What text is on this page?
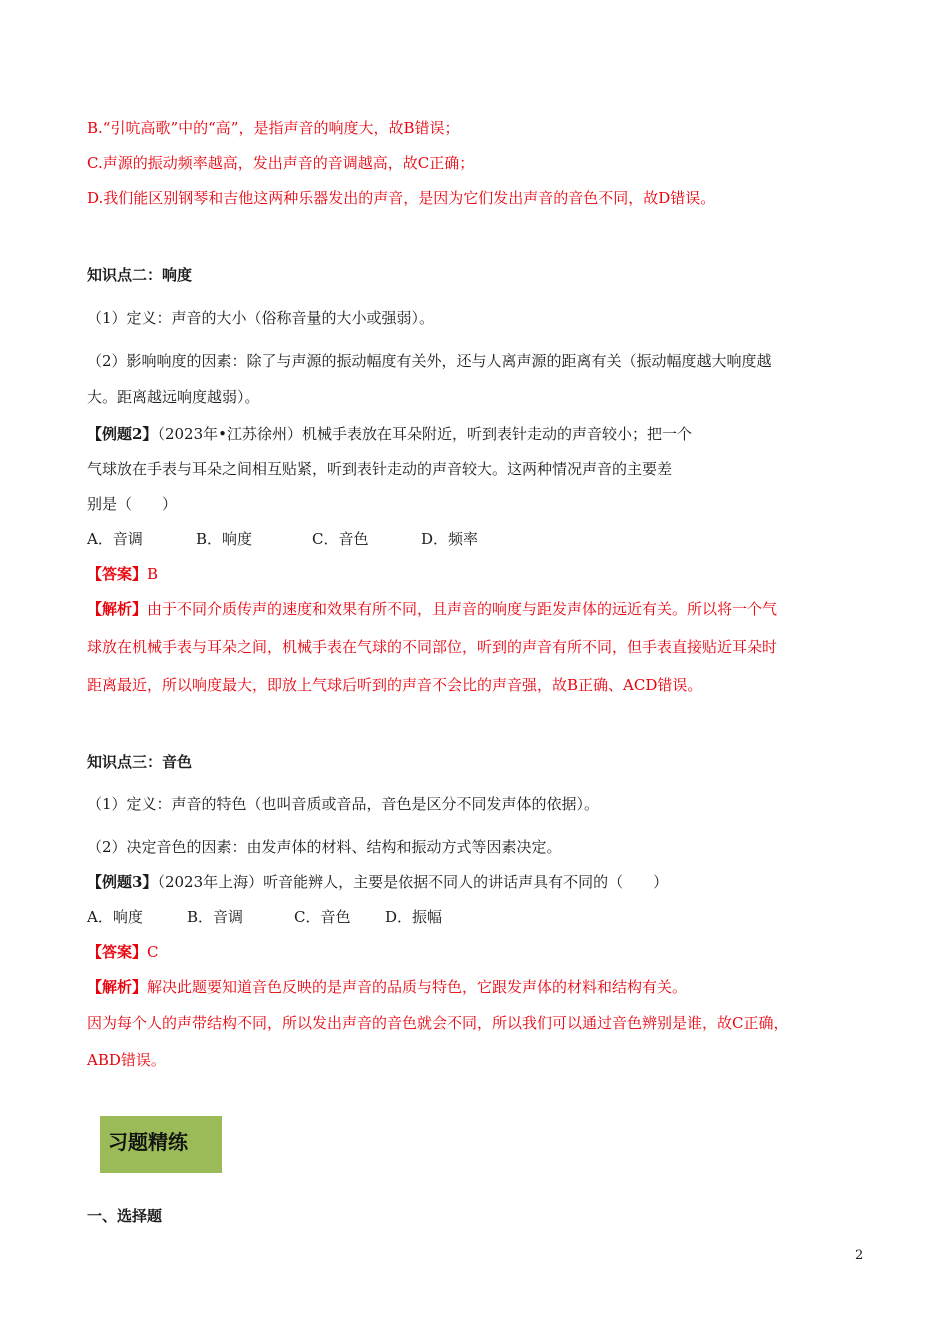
B.“引吭高歌”中的“高”，是指声音的响度大，故B错误；
C.声源的振动频率越高，发出声音的音调越高，故C正确；
D.我们能区别钢琴和吉他这两种乐器发出的声音，是因为它们发出声音的音色不同，故D错误。
知识点二：响度
（1）定义：声音的大小（俗称音量的大小或强弱）。
（2）影响响度的因素：除了与声源的振动幅度有关外，还与人离声源的距离有关（振动幅度越大响度越
大。距离越远响度越弱）。
【例题2】（2023年•江苏徐州）机械手表放在耳朵附近，听到表针走动的声音较小；把一个
气球放在手表与耳朵之间相互贴紧，听到表针走动的声音较大。这两种情况声音的主要差
别是（　　）
A．音调	B．响度	C．音色	D．频率
【答案】B
【解析】由于不同介质传声的速度和效果有所不同，且声音的响度与距发声体的远近有关。所以将一个气
球放在机械手表与耳朵之间，机械手表在气球的不同部位，听到的声音有所不同，但手表直接贴近耳朵时
距离最近，所以响度最大，即放上气球后听到的声音不会比的声音强，故B正确、ACD错误。
知识点三：音色
（1）定义：声音的特色（也叫音质或音品，音色是区分不同发声体的依据）。
（2）决定音色的因素：由发声体的材料、结构和振动方式等因素决定。
【例题3】（2023年上海）听音能辨人，主要是依据不同人的讲话声具有不同的（　　）
A．响度	B．音调	C．音色 D．振幅
【答案】C
【解析】解决此题要知道音色反映的是声音的品质与特色，它跟发声体的材料和结构有关。
因为每个人的声带结构不同，所以发出声音的音色就会不同，所以我们可以通过音色辨别是谁，故C正确，
ABD错误。
习题精练
一、选择题
2
